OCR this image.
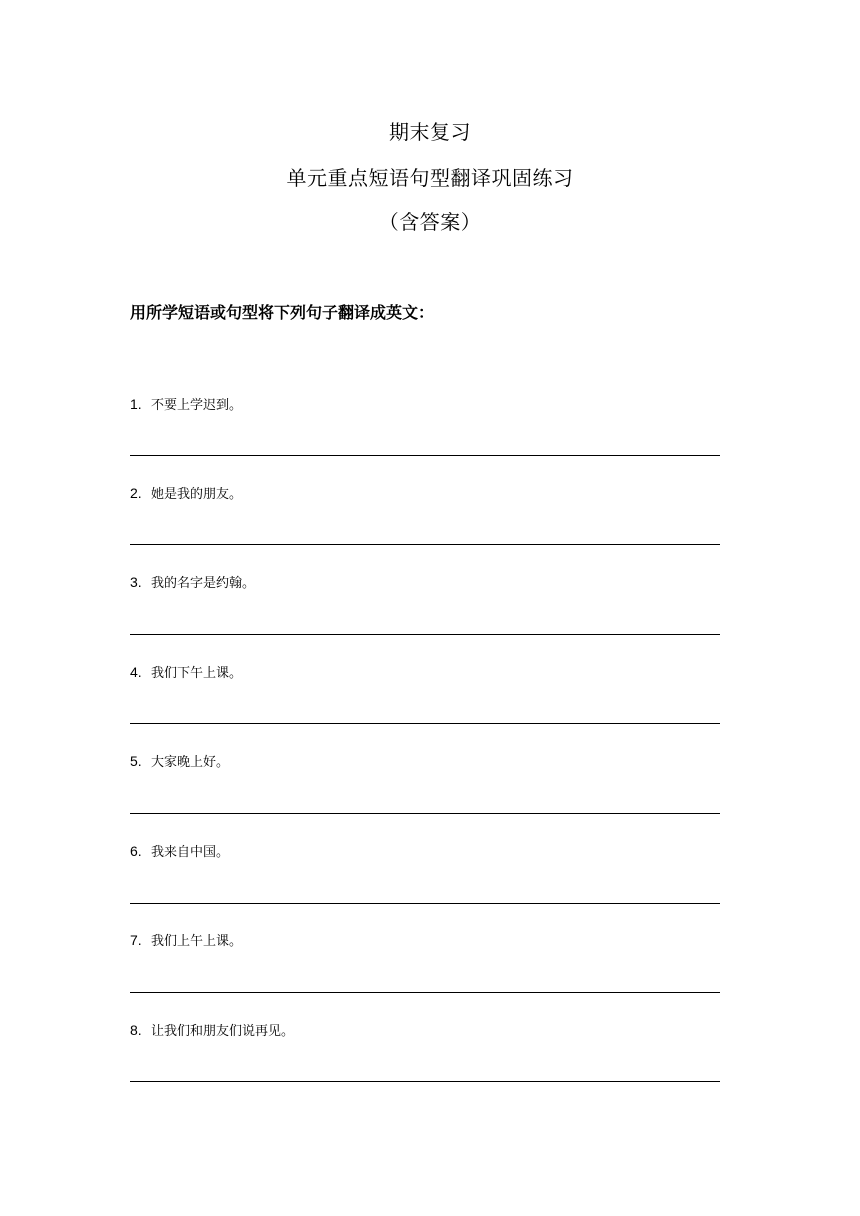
期末复习
单元重点短语句型翻译巩固练习
（含答案）
用所学短语或句型将下列句子翻译成英文：
1. 不要上学迟到。
2. 她是我的朋友。
3. 我的名字是约翰。
4. 我们下午上课。
5. 大家晚上好。
6. 我来自中国。
7. 我们上午上课。
8. 让我们和朋友们说再见。
